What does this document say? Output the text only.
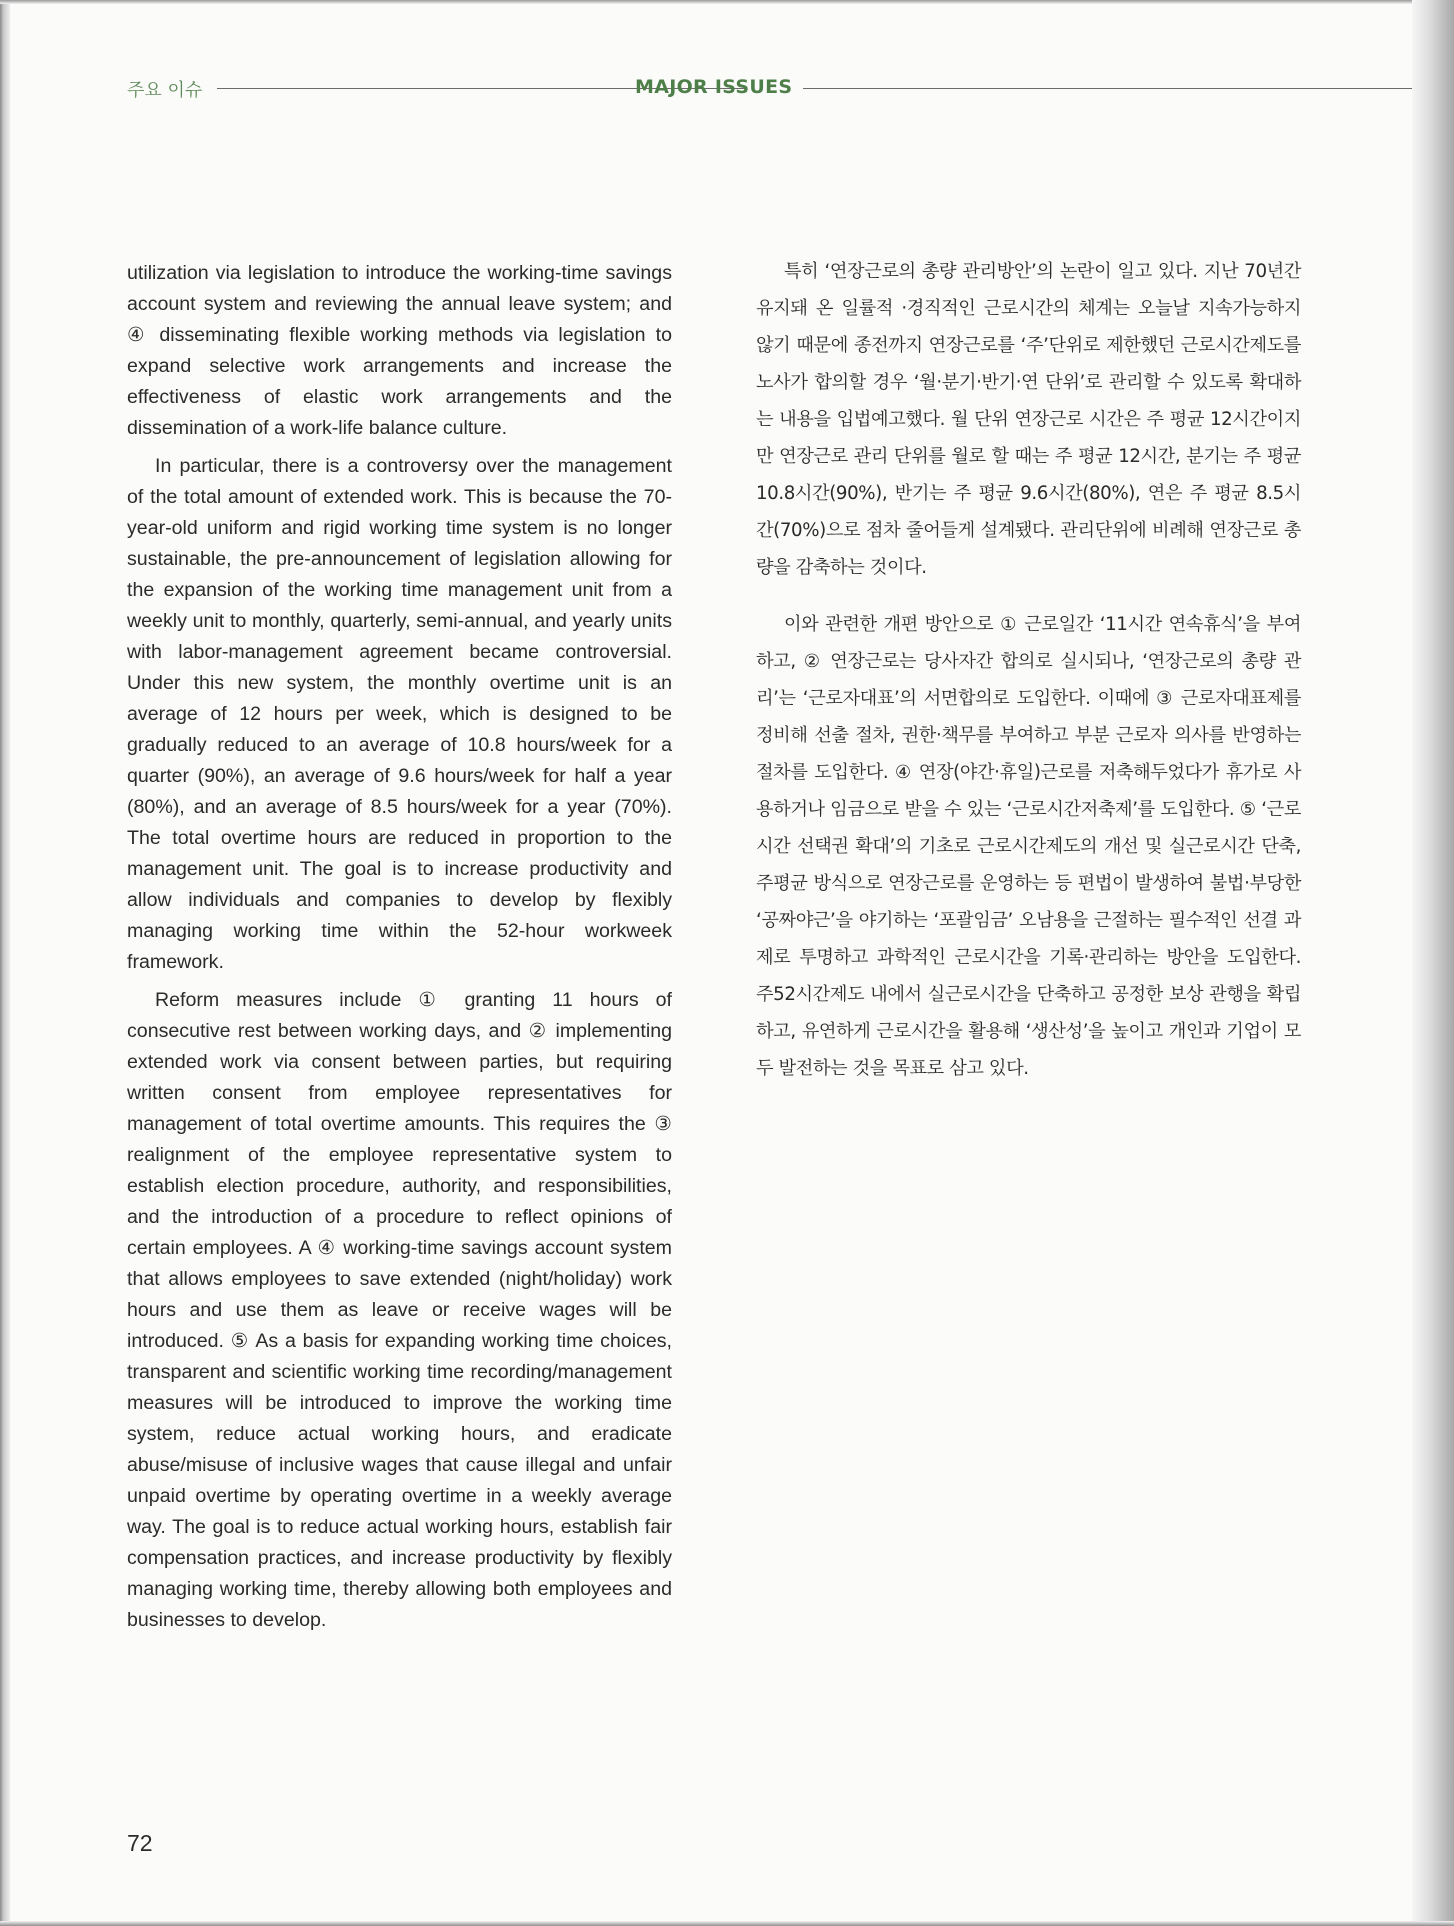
주요 이슈	MAJOR ISSUES

utilization via legislation to introduce the working-time savings account system and reviewing the annual leave system; and ④ disseminating flexible working methods via legislation to expand selective work arrangements and increase the effectiveness of elastic work arrangements and the dissemination of a work-life balance culture.

In particular, there is a controversy over the management of the total amount of extended work. This is because the 70-year-old uniform and rigid working time system is no longer sustainable, the pre-announcement of legislation allowing for the expansion of the working time management unit from a weekly unit to monthly, quarterly, semi-annual, and yearly units with labor-management agreement became controversial. Under this new system, the monthly overtime unit is an average of 12 hours per week, which is designed to be gradually reduced to an average of 10.8 hours/week for a quarter (90%), an average of 9.6 hours/week for half a year (80%), and an average of 8.5 hours/week for a year (70%). The total overtime hours are reduced in proportion to the management unit. The goal is to increase productivity and allow individuals and companies to develop by flexibly managing working time within the 52-hour workweek framework.

Reform measures include ① granting 11 hours of consecutive rest between working days, and ② implementing extended work via consent between parties, but requiring written consent from employee representatives for management of total overtime amounts. This requires the ③ realignment of the employee representative system to establish election procedure, authority, and responsibilities, and the introduction of a procedure to reflect opinions of certain employees. A ④ working-time savings account system that allows employees to save extended (night/holiday) work hours and use them as leave or receive wages will be introduced. ⑤ As a basis for expanding working time choices, transparent and scientific working time recording/management measures will be introduced to improve the working time system, reduce actual working hours, and eradicate abuse/misuse of inclusive wages that cause illegal and unfair unpaid overtime by operating overtime in a weekly average way. The goal is to reduce actual working hours, establish fair compensation practices, and increase productivity by flexibly managing working time, thereby allowing both employees and businesses to develop.

특히 ‘연장근로의 총량 관리방안’의 논란이 일고 있다. 지난 70년간 유지돼 온 일률적 ·경직적인 근로시간의 체계는 오늘날 지속가능하지 않기 때문에 종전까지 연장근로를 ‘주’단위로 제한했던 근로시간제도를 노사가 합의할 경우 ‘월·분기·반기·연 단위’로 관리할 수 있도록 확대하는 내용을 입법예고했다. 월 단위 연장근로 시간은 주 평균 12시간이지만 연장근로 관리 단위를 월로 할 때는 주 평균 12시간, 분기는 주 평균 10.8시간(90%), 반기는 주 평균 9.6시간(80%), 연은 주 평균 8.5시간(70%)으로 점차 줄어들게 설계됐다. 관리단위에 비례해 연장근로 총량을 감축하는 것이다.

이와 관련한 개편 방안으로 ① 근로일간 ‘11시간 연속휴식’을 부여하고, ② 연장근로는 당사자간 합의로 실시되나, ‘연장근로의 총량 관리’는 ‘근로자대표’의 서면합의로 도입한다. 이때에 ③ 근로자대표제를 정비해 선출 절차, 권한·책무를 부여하고 부분 근로자 의사를 반영하는 절차를 도입한다. ④ 연장(야간·휴일)근로를 저축해두었다가 휴가로 사용하거나 임금으로 받을 수 있는 ‘근로시간저축제’를 도입한다. ⑤ ‘근로시간 선택권 확대’의 기초로 근로시간제도의 개선 및 실근로시간 단축, 주평균 방식으로 연장근로를 운영하는 등 편법이 발생하여 불법·부당한 ‘공짜야근’을 야기하는 ‘포괄임금’ 오남용을 근절하는 필수적인 선결 과제로 투명하고 과학적인 근로시간을 기록·관리하는 방안을 도입한다. 주52시간제도 내에서 실근로시간을 단축하고 공정한 보상 관행을 확립하고, 유연하게 근로시간을 활용해 ‘생산성’을 높이고 개인과 기업이 모두 발전하는 것을 목표로 삼고 있다.

72
